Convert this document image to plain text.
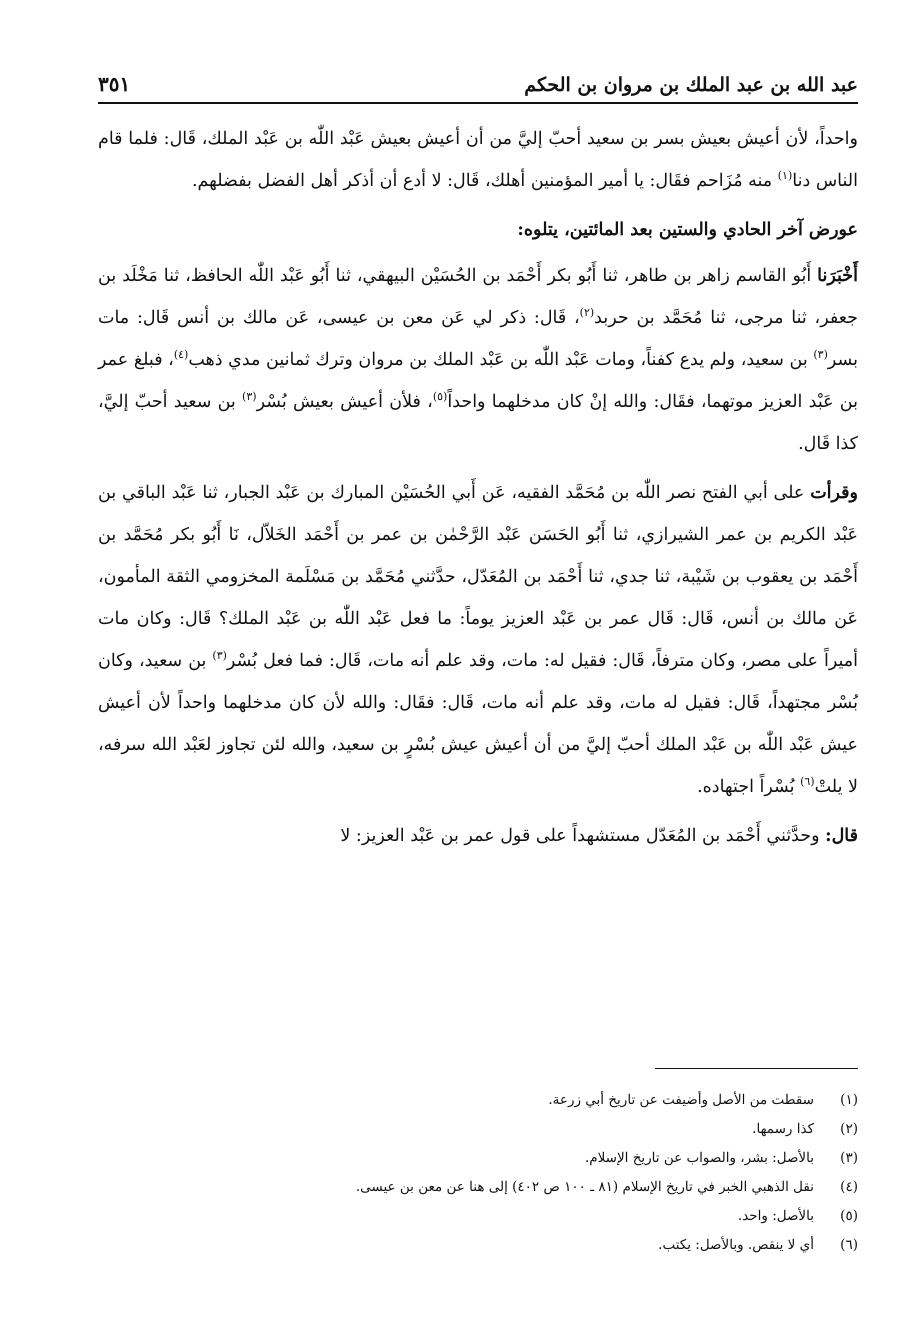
عبد الله بن عبد الملك بن مروان بن الحكم
٣٥١

واحداً، لأن أعيش بعيش بسر بن سعيد أحبّ إليَّ من أن أعيش بعيش عَبْد اللّٰه بن عَبْد الملك، قَال: فلما قام الناس دنا$^{(١)}$ منه مُزَاحم فقَال: يا أمير المؤمنين أهلك، قَال: لا أدع أن أذكر أهل الفضل بفضلهم.

عورض آخر الحادي والستين بعد المائتين، يتلوه:

أَخْبَرَنا أَبُو القاسم زاهر بن طاهر، ثنا أَبُو بكر أَحْمَد بن الحُسَيْن البيهقي، ثنا أَبُو عَبْد اللّٰه الحافظ، ثنا مَخْلَد بن جعفر، ثنا مرجى، ثنا مُحَمَّد بن حربد$^{(٢)}$، قَال: ذكر لي عَن معن بن عيسى، عَن مالك بن أنس قَال: مات بسر$^{(٣)}$ بن سعيد، ولم يدع كفناً، ومات عَبْد اللّٰه بن عَبْد الملك بن مروان وترك ثمانين مدي ذهب$^{(٤)}$، فبلغ عمر بن عَبْد العزيز موتهما، فقَال: والله إنْ كان مدخلهما واحداً$^{(٥)}$، فلأن أعيش بعيش بُسْر$^{(٣)}$ بن سعيد أحبّ إليَّ، كذا قَال.

وقرأت على أبي الفتح نصر اللّٰه بن مُحَمَّد الفقيه، عَن أَبي الحُسَيْن المبارك بن عَبْد الجبار، ثنا عَبْد الباقي بن عَبْد الكريم بن عمر الشيرازي، ثنا أَبُو الحَسَن عَبْد الرَّحْمٰن بن عمر بن أَحْمَد الخَلاّل، نَا أَبُو بكر مُحَمَّد بن أَحْمَد بن يعقوب بن شَيْبة، ثنا جدي، ثنا أَحْمَد بن المُعَدّل، حدَّثني مُحَمَّد بن مَسْلَمة المخزومي الثقة المأمون، عَن مالك بن أنس، قَال: قَال عمر بن عَبْد العزيز يوماً: ما فعل عَبْد اللّٰه بن عَبْد الملك؟ قَال: وكان مات أميراً على مصر، وكان مترفاً، قَال: فقيل له: مات، وقد علم أنه مات، قَال: فما فعل بُسْر$^{(٣)}$ بن سعيد، وكان بُسْر مجتهداً، قَال: فقيل له مات، وقد علم أنه مات، قَال: فقَال: والله لأن كان مدخلهما واحداً لأن أعيش عيش عَبْد اللّٰه بن عَبْد الملك أحبّ إليَّ من أن أعيش عيش بُسْرٍ بن سعيد، والله لئن تجاوز لعَبْد الله سرفه، لا يلتْ$^{(٦)}$ بُسْراً اجتهاده.

قال: وحدَّثني أَحْمَد بن المُعَدّل مستشهداً على قول عمر بن عَبْد العزيز: لا

(١)
سقطت من الأصل وأضيفت عن تاريخ أبي زرعة.
(٢)
كذا رسمها.
(٣)
بالأصل: بشر، والصواب عن تاريخ الإسلام.
(٤)
نقل الذهبي الخبر في تاريخ الإسلام (٨١ ـ ١٠٠ ص ٤٠٢) إلى هنا عن معن بن عيسى.
(٥)
بالأصل: واحد.
(٦)
أي لا ينقص. وبالأصل: يكتب.
